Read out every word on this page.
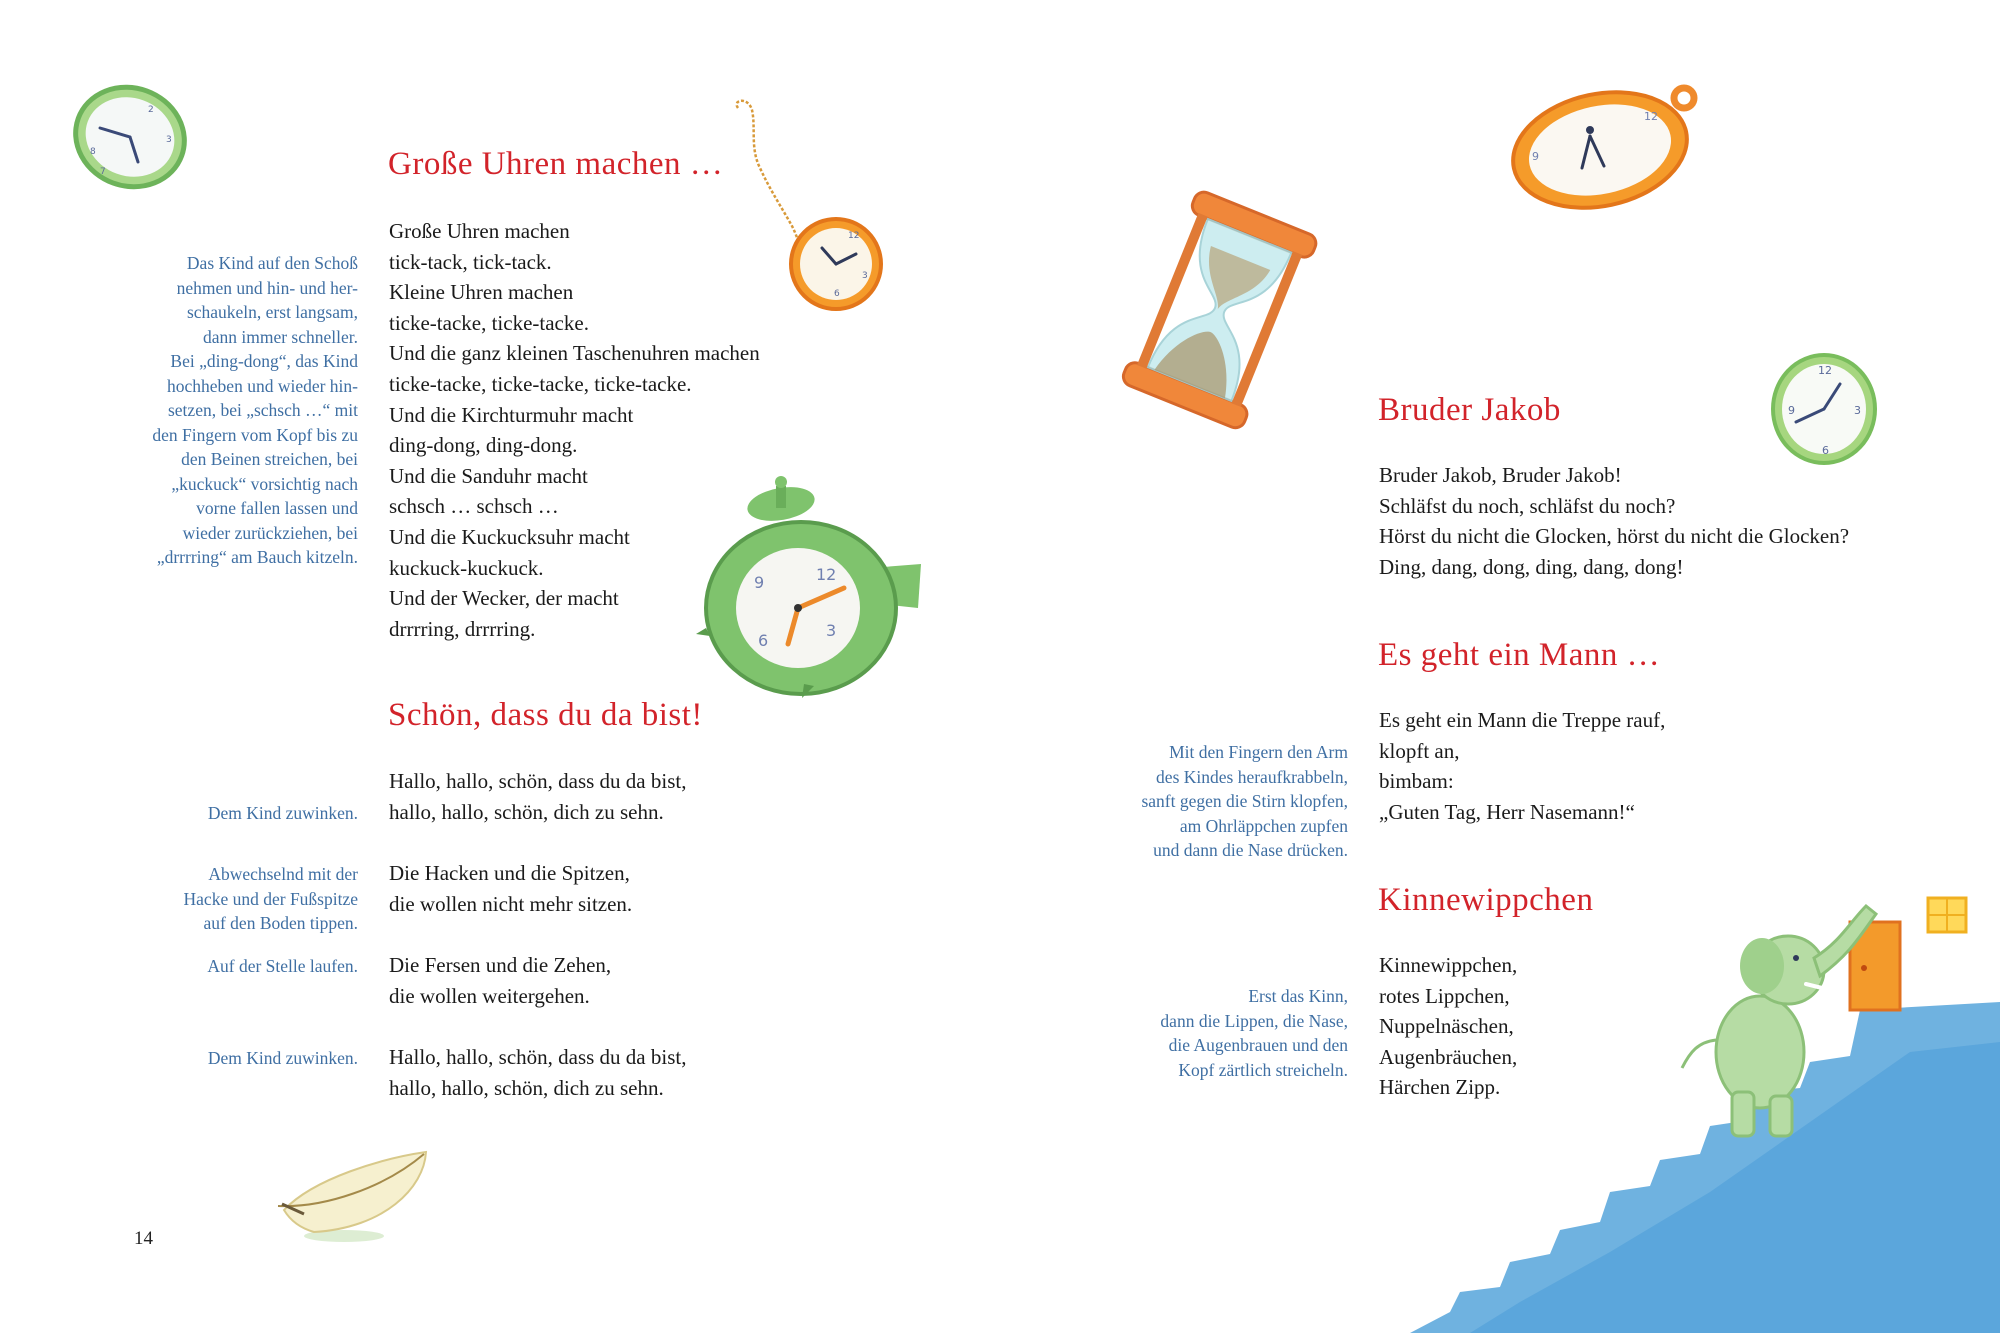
2
3
7
8
12
3
6
9	12
3
6
Große Uhren machen …

Das Kind auf den Schoß
nehmen und hin- und her-
schaukeln, erst langsam,
dann immer schneller.
Bei „ding-dong“, das Kind
hochheben und wieder hin-
setzen, bei „schsch …“ mit
den Fingern vom Kopf bis zu
den Beinen streichen, bei
„kuckuck“ vorsichtig nach
vorne fallen lassen und
wieder zurückziehen, bei
„drrrring“ am Bauch kitzeln.

Große Uhren machen
tick-tack, tick-tack.
Kleine Uhren machen
ticke-tacke, ticke-tacke.
Und die ganz kleinen Taschenuhren machen
ticke-tacke, ticke-tacke, ticke-tacke.
Und die Kirchturmuhr macht
ding-dong, ding-dong.
Und die Sanduhr macht
schsch … schsch …
Und die Kuckucksuhr macht
kuckuck-kuckuck.
Und der Wecker, der macht
drrrring, drrrring.
Schön, dass du da bist!

Dem Kind zuwinken.

Hallo, hallo, schön, dass du da bist,
hallo, hallo, schön, dich zu sehn.

Abwechselnd mit der
Hacke und der Fußspitze
auf den Boden tippen.

Die Hacken und die Spitzen,
die wollen nicht mehr sitzen.

Auf der Stelle laufen. Die Fersen und die Zehen,
die wollen weitergehen.

Dem Kind zuwinken. Hallo, hallo, schön, dass du da bist,
hallo, hallo, schön, dich zu sehn.
14
12
9
12
3
9
6
Bruder Jakob
Bruder Jakob, Bruder Jakob!
Schläfst du noch, schläfst du noch?
Hörst du nicht die Glocken, hörst du nicht die Glocken?
Ding, dang, dong, ding, dang, dong!
Es geht ein Mann …

Mit den Fingern den Arm
des Kindes heraufkrabbeln,
sanft gegen die Stirn klopfen,
am Ohrläppchen zupfen
und dann die Nase drücken.

Es geht ein Mann die Treppe rauf,
klopft an,
bimbam:
„Guten Tag, Herr Nasemann!“
Kinnewippchen

Erst das Kinn,
dann die Lippen, die Nase,
die Augenbrauen und den
Kopf zärtlich streicheln.

Kinnewippchen,
rotes Lippchen,
Nuppelnäschen,
Augenbräuchen,
Härchen Zipp.
